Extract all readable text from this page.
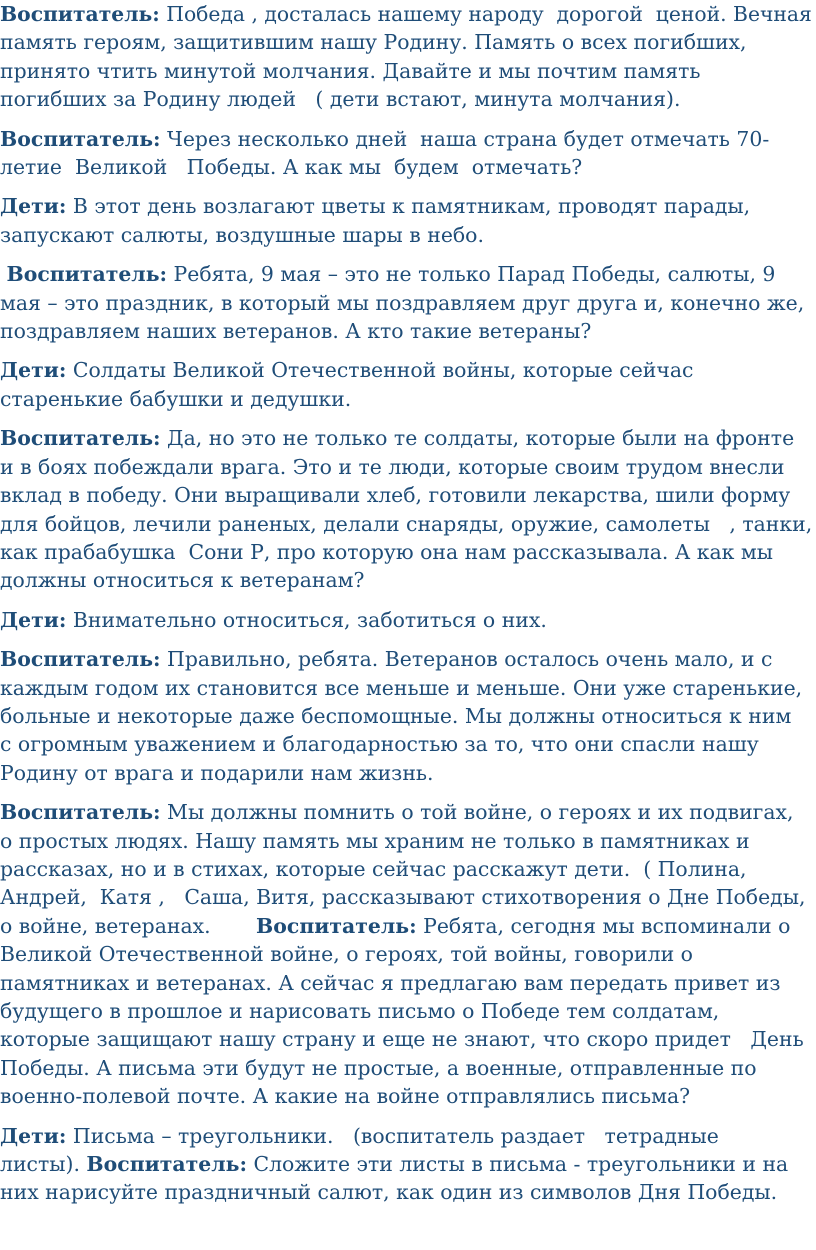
Воспитатель: Победа , досталась нашему народу  дорогой  ценой. Вечная
память героям, защитившим нашу Родину. Память о всех погибших,
принято чтить минутой молчания. Давайте и мы почтим память
погибших за Родину людей   ( дети встают, минута молчания).

Воспитатель: Через несколько дней  наша страна будет отмечать 70-
летие  Великой   Победы. А как мы  будем  отмечать?

Дети: В этот день возлагают цветы к памятникам, проводят парады,
запускают салюты, воздушные шары в небо.

Воспитатель: Ребята, 9 мая – это не только Парад Победы, салюты, 9
мая – это праздник, в который мы поздравляем друг друга и, конечно же,
поздравляем наших ветеранов. А кто такие ветераны?

Дети: Солдаты Великой Отечественной войны, которые сейчас
старенькие бабушки и дедушки.

Воспитатель: Да, но это не только те солдаты, которые были на фронте
и в боях побеждали врага. Это и те люди, которые своим трудом внесли
вклад в победу. Они выращивали хлеб, готовили лекарства, шили форму
для бойцов, лечили раненых, делали снаряды, оружие, самолеты   , танки,
как прабабушка  Сони Р, про которую она нам рассказывала. А как мы
должны относиться к ветеранам?

Дети: Внимательно относиться, заботиться о них.

Воспитатель: Правильно, ребята. Ветеранов осталось очень мало, и с
каждым годом их становится все меньше и меньше. Они уже старенькие,
больные и некоторые даже беспомощные. Мы должны относиться к ним
с огромным уважением и благодарностью за то, что они спасли нашу
Родину от врага и подарили нам жизнь.

Воспитатель: Мы должны помнить о той войне, о героях и их подвигах,
о простых людях. Нашу память мы храним не только в памятниках и
рассказах, но и в стихах, которые сейчас расскажут дети.  ( Полина,
Андрей,  Катя ,   Саша, Витя, рассказывают стихотворения о Дне Победы,
о войне, ветеранах.       Воспитатель: Ребята, сегодня мы вспоминали о
Великой Отечественной войне, о героях, той войны, говорили о
памятниках и ветеранах. А сейчас я предлагаю вам передать привет из
будущего в прошлое и нарисовать письмо о Победе тем солдатам,
которые защищают нашу страну и еще не знают, что скоро придет   День
Победы. А письма эти будут не простые, а военные, отправленные по
военно-полевой почте. А какие на войне отправлялись письма?

Дети: Письма – треугольники.   (воспитатель раздает   тетрадные
листы). Воспитатель: Сложите эти листы в письма - треугольники и на
них нарисуйте праздничный салют, как один из символов Дня Победы.
